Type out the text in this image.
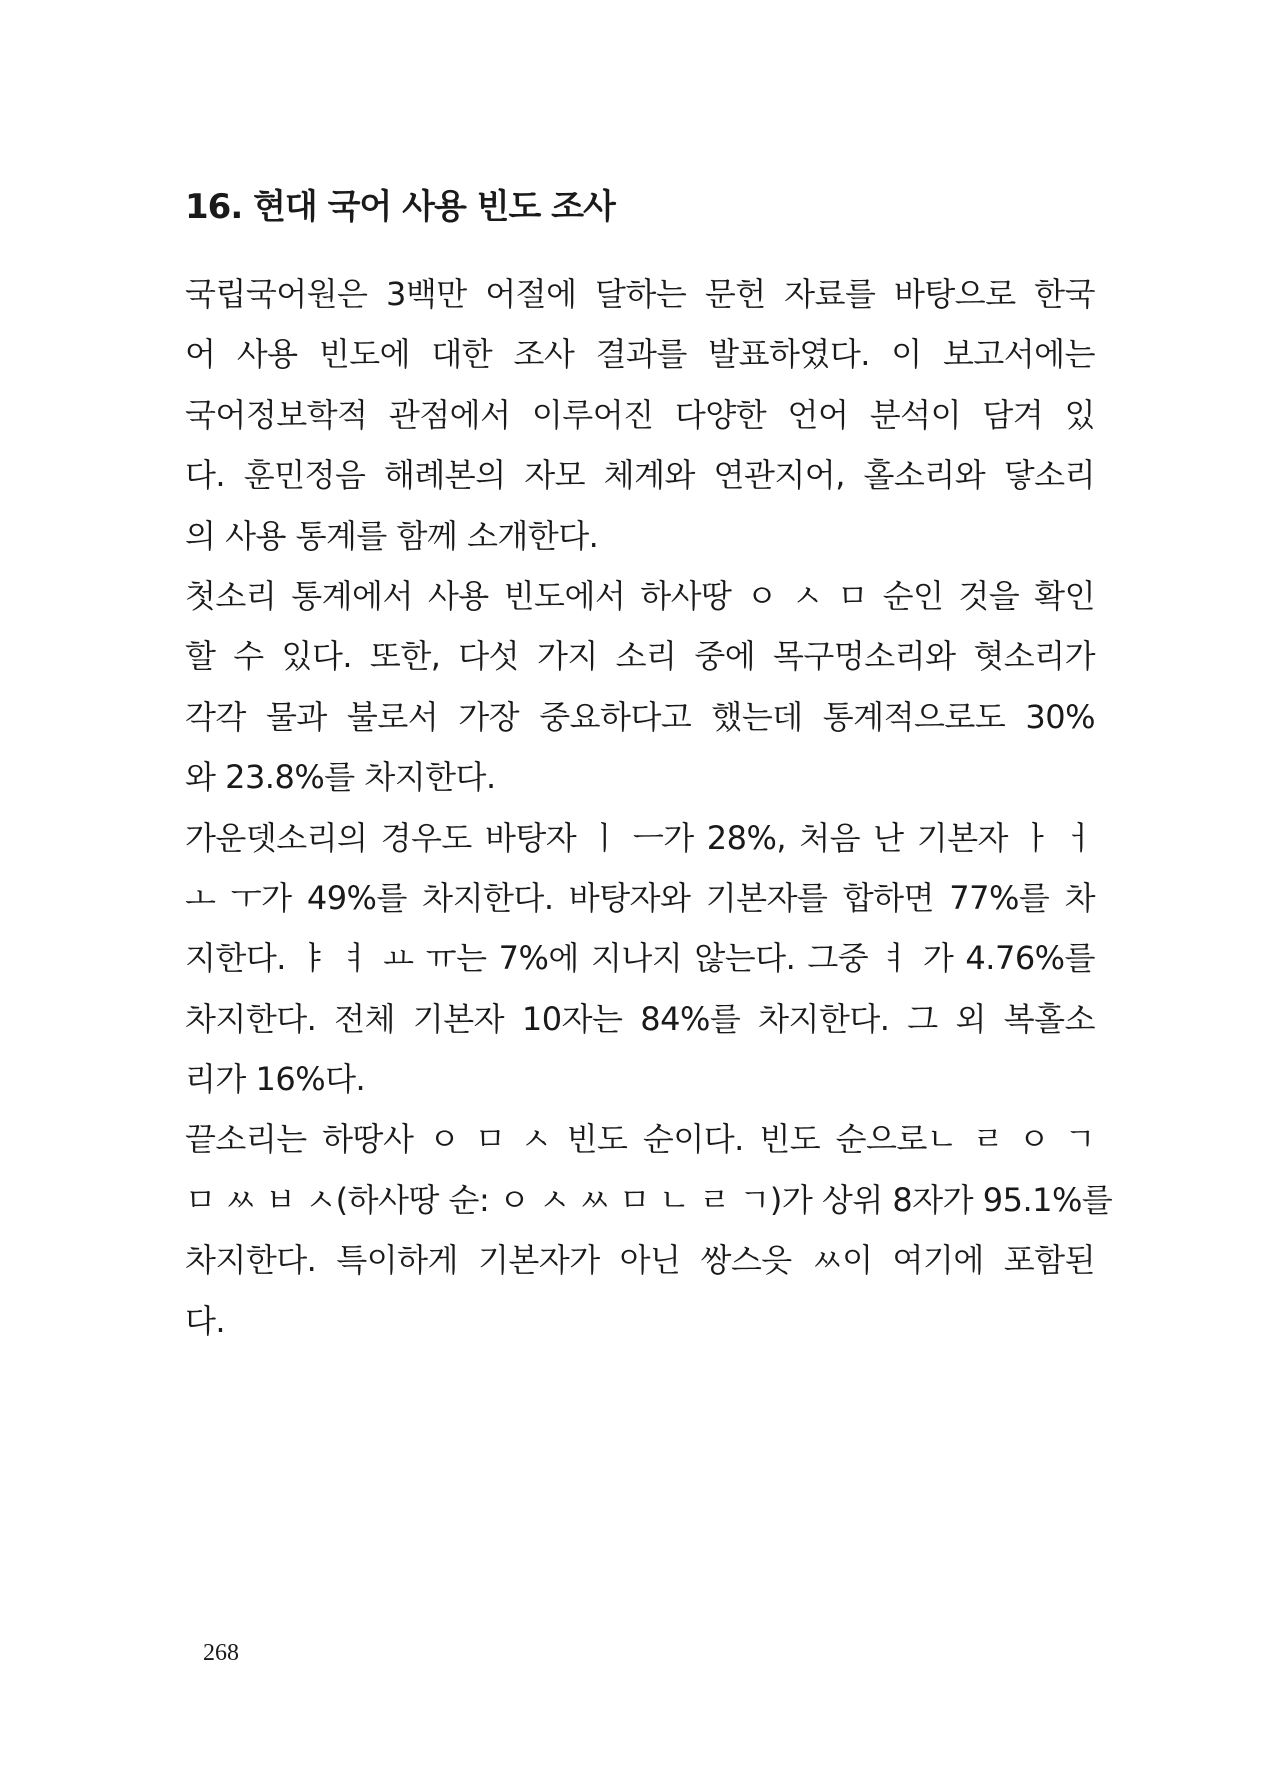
16. 현대 국어 사용 빈도 조사
국립국어원은 3백만 어절에 달하는 문헌 자료를 바탕으로 한국
어 사용 빈도에 대한 조사 결과를 발표하였다. 이 보고서에는
국어정보학적 관점에서 이루어진 다양한 언어 분석이 담겨 있
다. 훈민정음 해례본의 자모 체계와 연관지어, 홀소리와 닿소리
의 사용 통계를 함께 소개한다.
첫소리 통계에서 사용 빈도에서 하사땅 ㅇ ㅅ ㅁ 순인 것을 확인
할 수 있다. 또한, 다섯 가지 소리 중에 목구멍소리와 혓소리가
각각 물과 불로서 가장 중요하다고 했는데 통계적으로도 30%
와 23.8%를 차지한다.
가운뎃소리의 경우도 바탕자 ㅣ ㅡ가 28%, 처음 난 기본자 ㅏ ㅓ
ㅗ ㅜ가 49%를 차지한다. 바탕자와 기본자를 합하면 77%를 차
지한다. ㅑ ㅕ ㅛ ㅠ는 7%에 지나지 않는다. 그중 ㅕ 가 4.76%를
차지한다. 전체 기본자 10자는 84%를 차지한다. 그 외 복홀소
리가 16%다.
끝소리는 하땅사 ㅇ ㅁ ㅅ 빈도 순이다. 빈도 순으로ㄴ ㄹ ㅇ ㄱ
ㅁ ㅆ ㅂ ㅅ(하사땅 순: ㅇ ㅅ ㅆ ㅁ ㄴ ㄹ ㄱ)가 상위 8자가 95.1%를
차지한다. 특이하게 기본자가 아닌 쌍스읏 ㅆ이 여기에 포함된
다.
268
